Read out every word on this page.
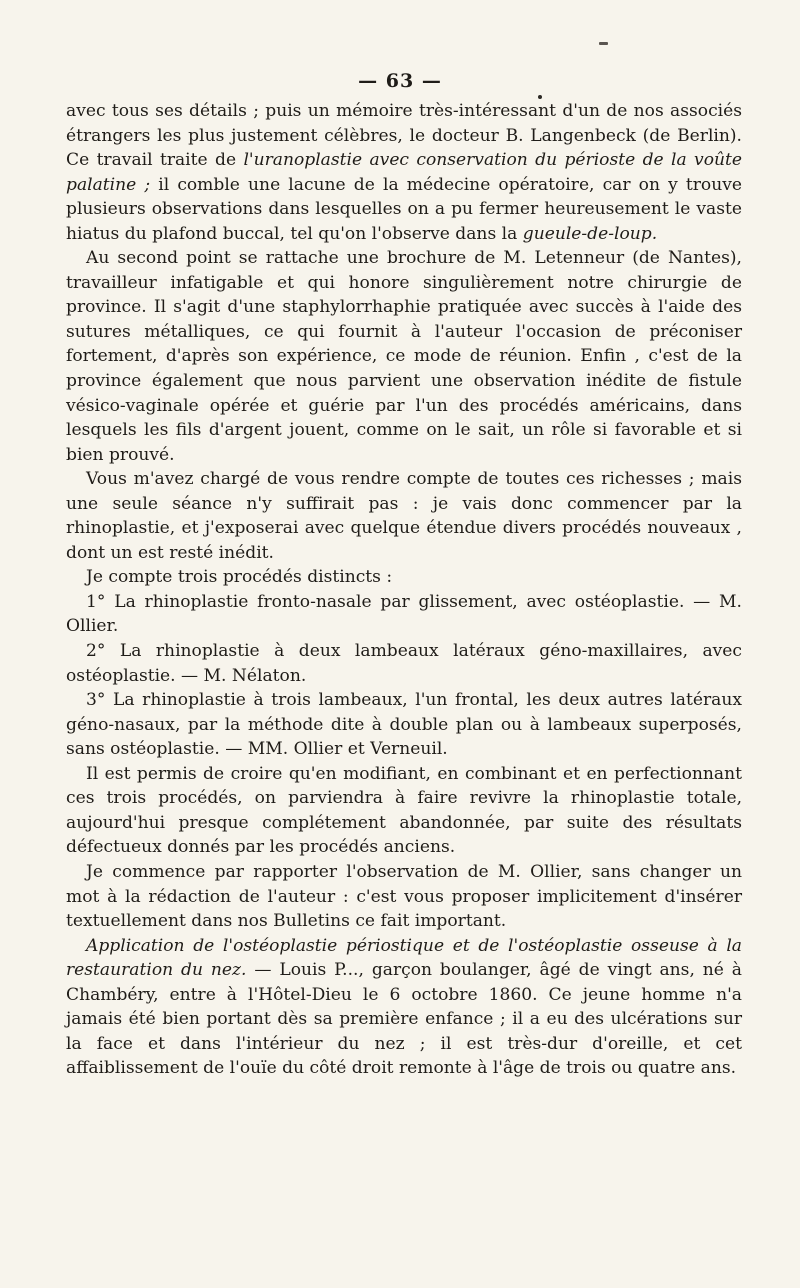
— 63 —

avec tous ses détails ; puis un mémoire très-intéressant d'un de nos associés étrangers les plus justement célèbres, le docteur B. Langenbeck (de Berlin). Ce travail traite de l'uranoplastie avec conservation du périoste de la voûte palatine ; il comble une lacune de la médecine opératoire, car on y trouve plusieurs observations dans lesquelles on a pu fermer heureusement le vaste hiatus du plafond buccal, tel qu'on l'observe dans la gueule-de-loup.

Au second point se rattache une brochure de M. Letenneur (de Nantes), travailleur infatigable et qui honore singulièrement notre chirurgie de province. Il s'agit d'une staphylorrhaphie pratiquée avec succès à l'aide des sutures métalliques, ce qui fournit à l'auteur l'occasion de préconiser fortement, d'après son expérience, ce mode de réunion. Enfin , c'est de la province également que nous parvient une observation inédite de fistule vésico-vaginale opérée et guérie par l'un des procédés américains, dans lesquels les fils d'argent jouent, comme on le sait, un rôle si favorable et si bien prouvé.

Vous m'avez chargé de vous rendre compte de toutes ces richesses ; mais une seule séance n'y suffirait pas : je vais donc commencer par la rhinoplastie, et j'exposerai avec quelque étendue divers procédés nouveaux , dont un est resté inédit.

Je compte trois procédés distincts :

1° La rhinoplastie fronto-nasale par glissement, avec ostéoplastie. — M. Ollier.

2° La rhinoplastie à deux lambeaux latéraux géno-maxillaires, avec ostéoplastie. — M. Nélaton.

3° La rhinoplastie à trois lambeaux, l'un frontal, les deux autres latéraux géno-nasaux, par la méthode dite à double plan ou à lambeaux superposés, sans ostéoplastie. — MM. Ollier et Verneuil.

Il est permis de croire qu'en modifiant, en combinant et en perfectionnant ces trois procédés, on parviendra à faire revivre la rhinoplastie totale, aujourd'hui presque complétement abandonnée, par suite des résultats défectueux donnés par les procédés anciens.

Je commence par rapporter l'observation de M. Ollier, sans changer un mot à la rédaction de l'auteur : c'est vous proposer implicitement d'insérer textuellement dans nos Bulletins ce fait important.

Application de l'ostéoplastie périostique et de l'ostéoplastie osseuse à la restauration du nez. — Louis P..., garçon boulanger, âgé de vingt ans, né à Chambéry, entre à l'Hôtel-Dieu le 6 octobre 1860. Ce jeune homme n'a jamais été bien portant dès sa première enfance ; il a eu des ulcérations sur la face et dans l'intérieur du nez ; il est très-dur d'oreille, et cet affaiblissement de l'ouïe du côté droit remonte à l'âge de trois ou quatre ans.
